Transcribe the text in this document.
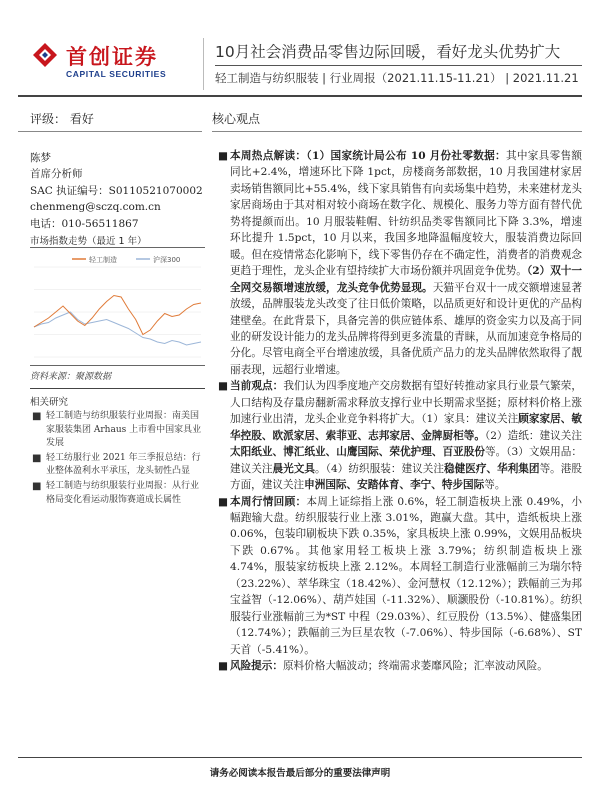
首创证券
CAPITAL SECURITIES
10月社会消费品零售边际回暖，看好龙头优势扩大
轻工制造与纺织服装 | 行业周报（2021.11.15-11.21） | 2021.11.21
评级： 看好
陈梦
首席分析师
SAC 执证编号：S0110521070002
chenmeng@sczq.com.cn
电话：010-56511867
市场指数走势（最近 1 年）
轻工制造	沪深300
资料来源：聚源数据
相关研究
■ 轻工制造与纺织服装行业周报：南美国家服装集团 Arhaus 上市看中国家具业发展
■ 轻工纺服行业 2021 年三季报总结：行业整体盈利水平承压，龙头韧性凸显
■ 轻工制造与纺织服装行业周报：从行业格局变化看运动服饰赛道成长属性
核心观点
■ 本周热点解读：（1）国家统计局公布 10 月份社零数据：其中家具零售额同比+2.4%，增速环比下降 1pct，房楼商务部数据，10 月我国建材家居卖场销售额同比+55.4%，线下家具销售有向卖场集中趋势，未来建材龙头家居商场由于其对相对较小商场在数字化、规模化、服务力等方面有替代优势将提颜而出。10 月服装鞋帽、针纺织品类零售额同比下降 3.3%，增速环比提升 1.5pct，10 月以来，我国多地降温幅度较大，服装消费边际回暖。但在疫情常态化影响下，线下零售仍存在不确定性，消费者的消费观念更趋于理性，龙头企业有望持续扩大市场份额并巩固竞争优势。（2）双十一全网交易额增速放缓，龙头竞争优势显现。天猫平台双十一成交额增速显著放缓，品牌服装龙头改变了往日低价策略，以品质更好和设计更优的产品构建壁垒。在此背景下，具备完善的供应链体系、雄厚的资金实力以及高于同业的研发设计能力的龙头品牌将得到更多流量的青睐，从而加速竞争格局的分化。尽管电商全平台增速放缓，具备优质产品力的龙头品牌依然取得了靓丽表现，远超行业增速。
■ 当前观点：我们认为四季度地产交房数据有望好转推动家具行业景气繁荣，人口结构及存量房翻新需求释放支撑行业中长期需求坚挺；原材料价格上涨加速行业出清，龙头企业竞争料将扩大。（1）家具：建议关注顾家家居、敏华控股、欧派家居、索菲亚、志邦家居、金牌厨柜等。（2）造纸：建议关注太阳纸业、博汇纸业、山鹰国际、荣优护理、百亚股份等。（3）文娱用品：建议关注晨光文具。（4）纺织服装：建议关注稳健医疗、华利集团等。港股方面，建议关注申洲国际、安踏体育、李宁、特步国际等。
■ 本周行情回顾：本周上证综指上涨 0.6%，轻工制造板块上涨 0.49%，小幅跑输大盘。纺织服装行业上涨 3.01%，跑赢大盘。其中，造纸板块上涨 0.06%，包装印刷板块下跌 0.35%，家具板块上涨 0.99%，文娱用品板块下跌 0.67%。其他家用轻工板块上涨 3.79%；纺织制造板块上涨 4.74%，服装家纺板块上涨 2.12%。本周轻工制造行业涨幅前三为瑞尔特（23.22%）、萃华珠宝（18.42%）、金河慧权（12.12%）；跌幅前三为邦宝益智（-12.06%）、葫芦娃国（-11.32%）、顺灏股份（-10.81%）。纺织服装行业涨幅前三为*ST 中程（29.03%）、红豆股份（13.5%）、健盛集团（12.74%）；跌幅前三为巨星农牧（-7.06%）、特步国际（-6.68%）、ST 天首（-5.41%）。
■ 风险提示：原料价格大幅波动；终端需求萎靡风险；汇率波动风险。
请务必阅读本报告最后部分的重要法律声明
